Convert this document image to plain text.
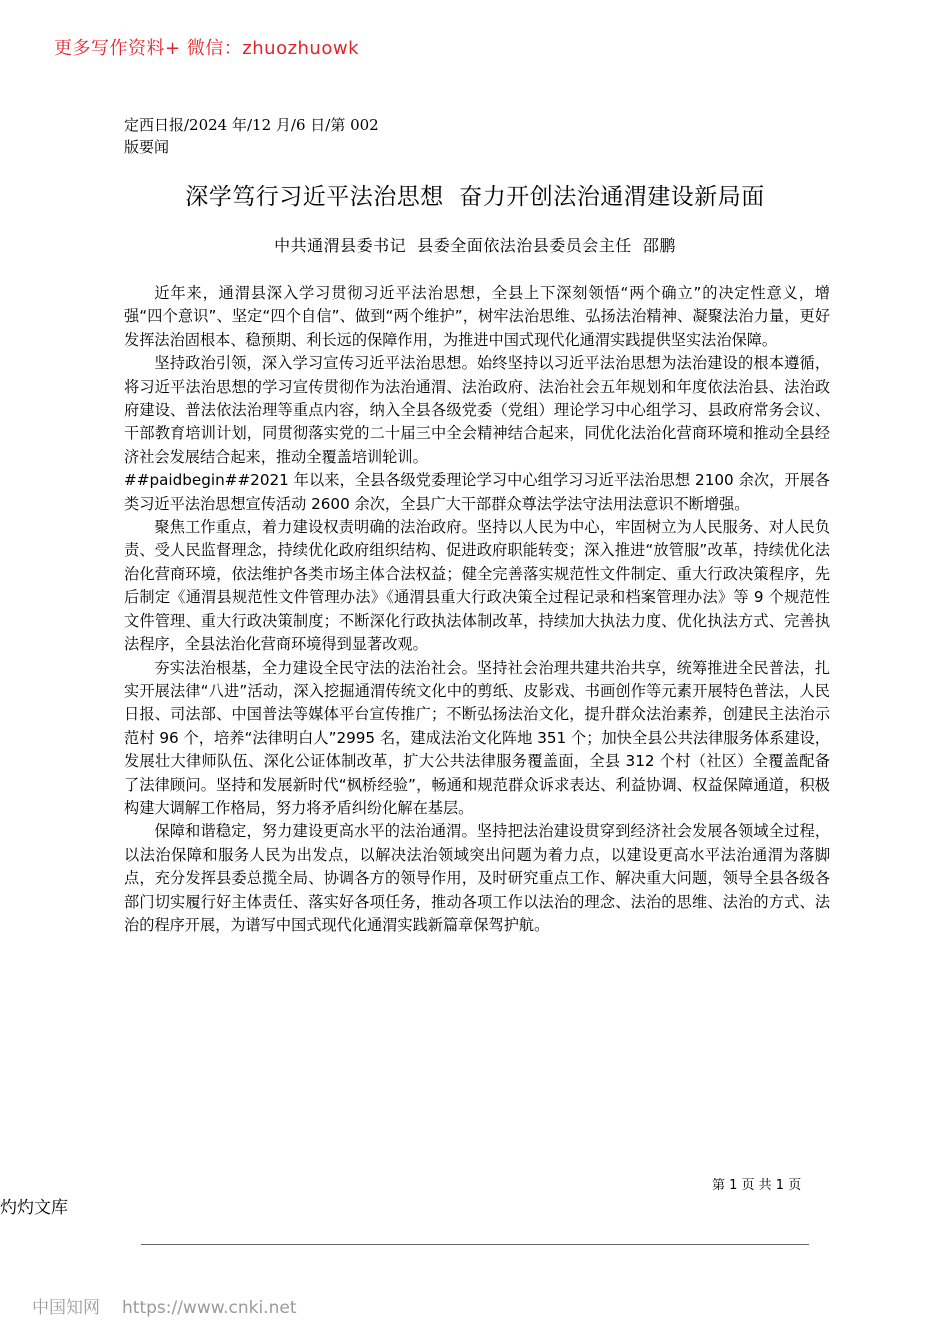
更多写作资料+ 微信：zhuozhuowk
定西日报/2024 年/12 月/6 日/第 002
版要闻
深学笃行习近平法治思想  奋力开创法治通渭建设新局面
中共通渭县委书记  县委全面依法治县委员会主任  邵鹏

近年来，通渭县深入学习贯彻习近平法治思想，全县上下深刻领悟“两个确立”的决定性意义，增强“四个意识”、坚定“四个自信”、做到“两个维护”，树牢法治思维、弘扬法治精神、凝聚法治力量，更好发挥法治固根本、稳预期、利长远的保障作用，为推进中国式现代化通渭实践提供坚实法治保障。

坚持政治引领，深入学习宣传习近平法治思想。始终坚持以习近平法治思想为法治建设的根本遵循，将习近平法治思想的学习宣传贯彻作为法治通渭、法治政府、法治社会五年规划和年度依法治县、法治政府建设、普法依法治理等重点内容，纳入全县各级党委（党组）理论学习中心组学习、县政府常务会议、干部教育培训计划，同贯彻落实党的二十届三中全会精神结合起来，同优化法治化营商环境和推动全县经济社会发展结合起来，推动全覆盖培训轮训。

##paidbegin##2021 年以来，全县各级党委理论学习中心组学习习近平法治思想 2100 余次，开展各类习近平法治思想宣传活动 2600 余次，全县广大干部群众尊法学法守法用法意识不断增强。

聚焦工作重点，着力建设权责明确的法治政府。坚持以人民为中心，牢固树立为人民服务、对人民负责、受人民监督理念，持续优化政府组织结构、促进政府职能转变；深入推进“放管服”改革，持续优化法治化营商环境，依法维护各类市场主体合法权益；健全完善落实规范性文件制定、重大行政决策程序，先后制定《通渭县规范性文件管理办法》《通渭县重大行政决策全过程记录和档案管理办法》等 9 个规范性文件管理、重大行政决策制度；不断深化行政执法体制改革，持续加大执法力度、优化执法方式、完善执法程序，全县法治化营商环境得到显著改观。

夯实法治根基，全力建设全民守法的法治社会。坚持社会治理共建共治共享，统筹推进全民普法，扎实开展法律“八进”活动，深入挖掘通渭传统文化中的剪纸、皮影戏、书画创作等元素开展特色普法，人民日报、司法部、中国普法等媒体平台宣传推广；不断弘扬法治文化，提升群众法治素养，创建民主法治示范村 96 个，培养“法律明白人”2995 名，建成法治文化阵地 351 个；加快全县公共法律服务体系建设，发展壮大律师队伍、深化公证体制改革，扩大公共法律服务覆盖面，全县 312 个村（社区）全覆盖配备了法律顾问。坚持和发展新时代“枫桥经验”，畅通和规范群众诉求表达、利益协调、权益保障通道，积极构建大调解工作格局，努力将矛盾纠纷化解在基层。

保障和谐稳定，努力建设更高水平的法治通渭。坚持把法治建设贯穿到经济社会发展各领域全过程，以法治保障和服务人民为出发点，以解决法治领域突出问题为着力点，以建设更高水平法治通渭为落脚点，充分发挥县委总揽全局、协调各方的领导作用，及时研究重点工作、解决重大问题，领导全县各级各部门切实履行好主体责任、落实好各项任务，推动各项工作以法治的理念、法治的思维、法治的方式、法治的程序开展，为谱写中国式现代化通渭实践新篇章保驾护航。

第 1 页 共 1 页
灼灼文库
中国知网 https://www.cnki.net
